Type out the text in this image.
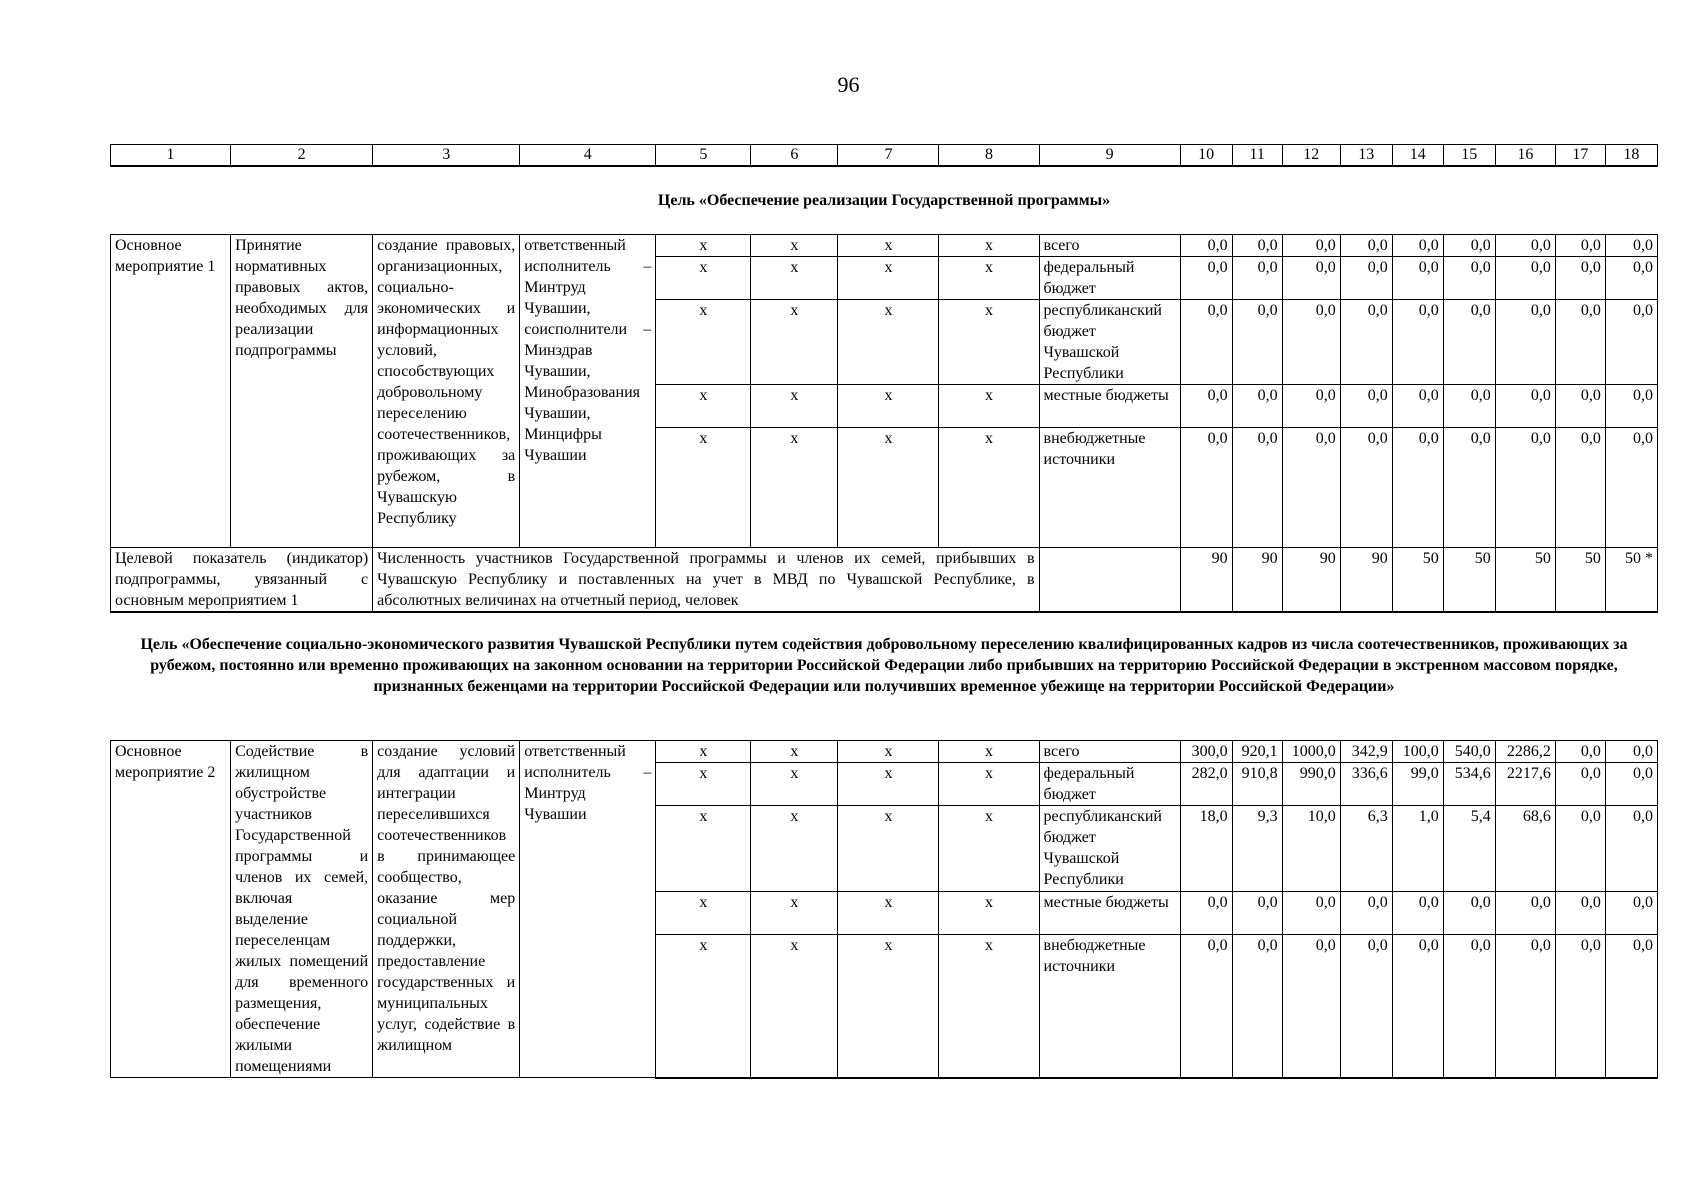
96
1	2	3	4	5	6	7	8	9	10	11	12	13	14	15	16	17	18
Цель «Обеспечение реализации Государственной программы»
Основное мероприятие 1	Принятие нормативных правовых актов, необходимых для реализации подпрограммы	создание правовых, организационных, социально-экономических и информационных условий, способствующих добровольному переселению соотечественников, проживающих за рубежом, в Чувашскую Республику	ответственный исполнитель – Минтруд Чувашии, соисполнители – Минздрав Чувашии, Минобразования Чувашии, Минцифры Чувашии	x	x	x	x	всего	0,0	0,0	0,0	0,0	0,0	0,0	0,0	0,0	0,0
				x	x	x	x	федеральный бюджет	0,0	0,0	0,0	0,0	0,0	0,0	0,0	0,0	0,0
				x	x	x	x	республиканский бюджет Чувашской Республики	0,0	0,0	0,0	0,0	0,0	0,0	0,0	0,0	0,0
				x	x	x	x	местные бюджеты	0,0	0,0	0,0	0,0	0,0	0,0	0,0	0,0	0,0
				x	x	x	x	внебюджетные источники	0,0	0,0	0,0	0,0	0,0	0,0	0,0	0,0	0,0
Целевой показатель (индикатор) подпрограммы, увязанный с основным мероприятием 1		Численность участников Государственной программы и членов их семей, прибывших в Чувашскую Республику и поставленных на учет в МВД по Чувашской Республике, в абсолютных величинах на отчетный период, человек							90	90	90	90	50	50	50	50	50 *
Цель «Обеспечение социально-экономического развития Чувашской Республики путем содействия добровольному переселению квалифицированных кадров из числа соотечественников, проживающих за рубежом, постоянно или временно проживающих на законном основании на территории Российской Федерации либо прибывших на территорию Российской Федерации в экстренном массовом порядке, признанных беженцами на территории Российской Федерации или получивших временное убежище на территории Российской Федерации»
Основное мероприятие 2	Содействие в жилищном обустройстве участников Государственной программы и членов их семей, включая выделение переселенцам жилых помещений для временного размещения, обеспечение жилыми помещениями	создание условий для адаптации и интеграции переселившихся соотечественников в принимающее сообщество, оказание мер социальной поддержки, предоставление государственных и муниципальных услуг, содействие в жилищном	ответственный исполнитель – Минтруд Чувашии	x	x	x	x	всего	300,0	920,1	1000,0	342,9	100,0	540,0	2286,2	0,0	0,0
				x	x	x	x	федеральный бюджет	282,0	910,8	990,0	336,6	99,0	534,6	2217,6	0,0	0,0
				x	x	x	x	республиканский бюджет Чувашской Республики	18,0	9,3	10,0	6,3	1,0	5,4	68,6	0,0	0,0
				x	x	x	x	местные бюджеты	0,0	0,0	0,0	0,0	0,0	0,0	0,0	0,0	0,0
				x	x	x	x	внебюджетные источники	0,0	0,0	0,0	0,0	0,0	0,0	0,0	0,0	0,0
